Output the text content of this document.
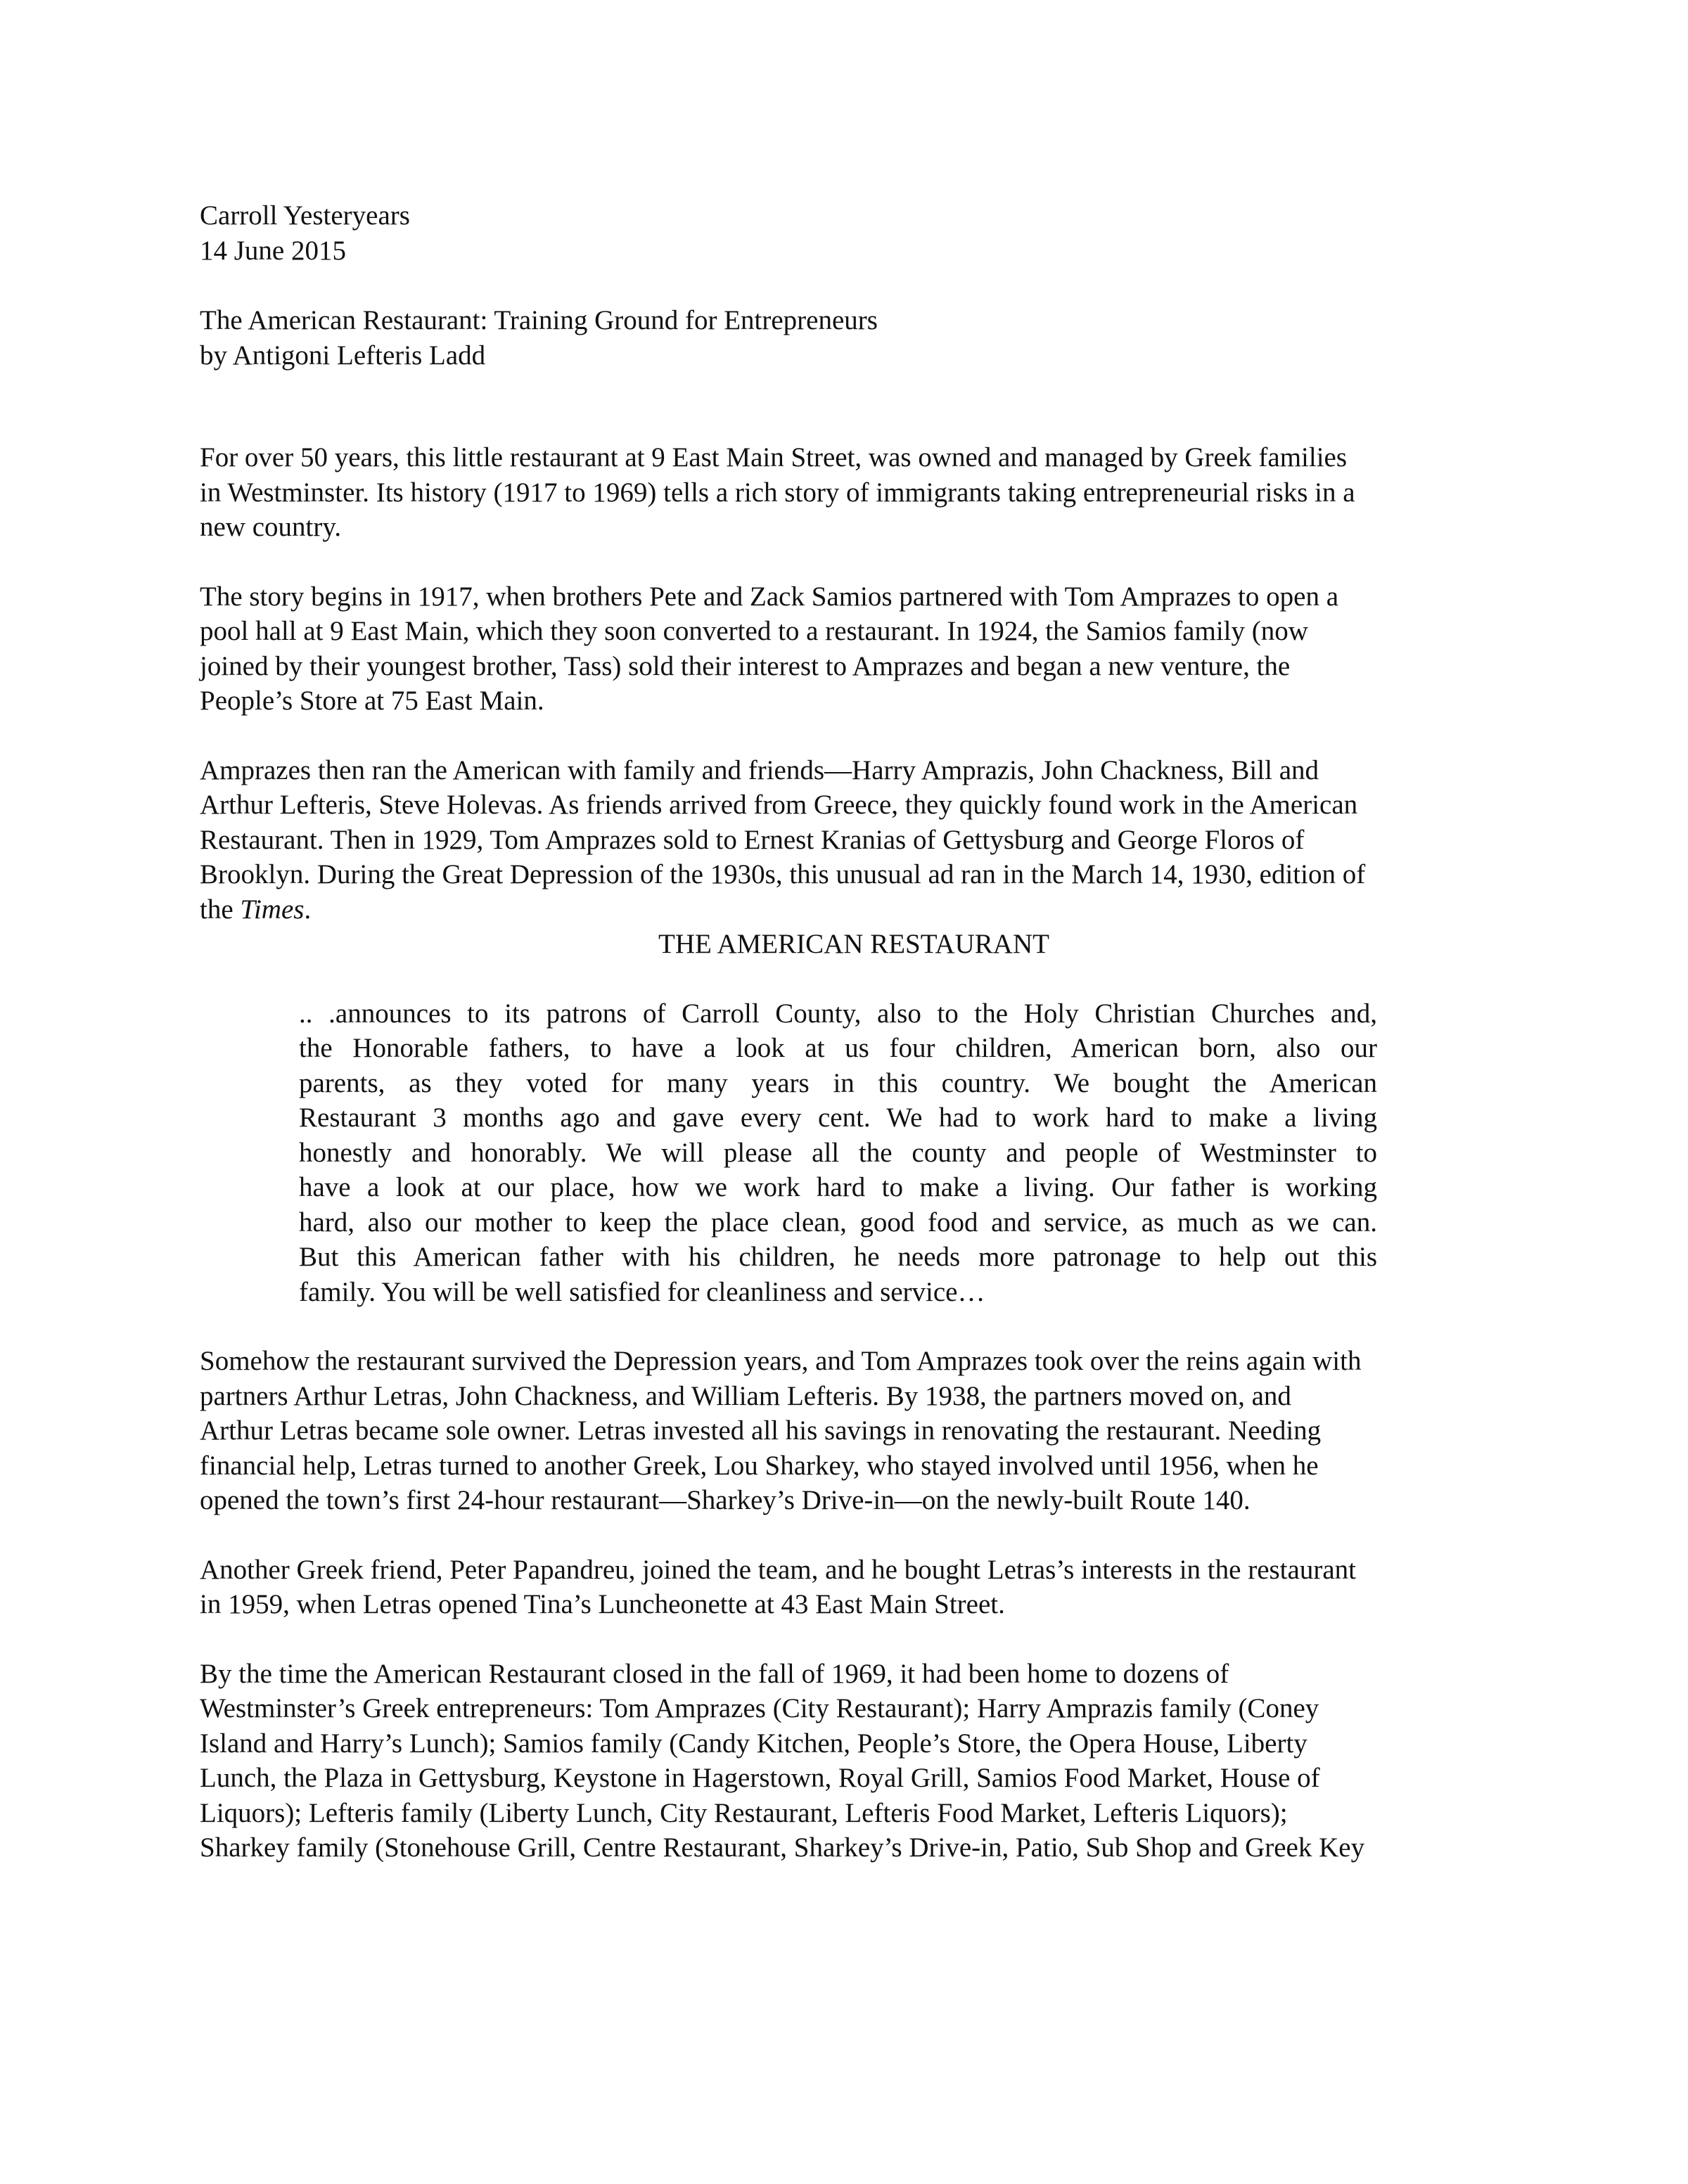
Carroll Yesteryears
14 June 2015
The American Restaurant: Training Ground for Entrepreneurs
by Antigoni Lefteris Ladd
For over 50 years, this little restaurant at 9 East Main Street, was owned and managed by Greek families
in Westminster. Its history (1917 to 1969) tells a rich story of immigrants taking entrepreneurial risks in a
new country.
The story begins in 1917, when brothers Pete and Zack Samios partnered with Tom Amprazes to open a
pool hall at 9 East Main, which they soon converted to a restaurant. In 1924, the Samios family (now
joined by their youngest brother, Tass) sold their interest to Amprazes and began a new venture, the
People’s Store at 75 East Main.
Amprazes then ran the American with family and friends—Harry Amprazis, John Chackness, Bill and
Arthur Lefteris, Steve Holevas. As friends arrived from Greece, they quickly found work in the American
Restaurant. Then in 1929, Tom Amprazes sold to Ernest Kranias of Gettysburg and George Floros of
Brooklyn. During the Great Depression of the 1930s, this unusual ad ran in the March 14, 1930, edition of
the Times.
THE AMERICAN RESTAURANT
.. .announces to its patrons of Carroll County, also to the Holy Christian Churches and,
the Honorable fathers, to have a look at us four children, American born, also our
parents, as they voted for many years in this country. We bought the American
Restaurant 3 months ago and gave every cent. We had to work hard to make a living
honestly and honorably. We will please all the county and people of Westminster to
have a look at our place, how we work hard to make a living. Our father is working
hard, also our mother to keep the place clean, good food and service, as much as we can.
But this American father with his children, he needs more patronage to help out this
family. You will be well satisfied for cleanliness and service…
Somehow the restaurant survived the Depression years, and Tom Amprazes took over the reins again with
partners Arthur Letras, John Chackness, and William Lefteris. By 1938, the partners moved on, and
Arthur Letras became sole owner. Letras invested all his savings in renovating the restaurant. Needing
financial help, Letras turned to another Greek, Lou Sharkey, who stayed involved until 1956, when he
opened the town’s first 24-hour restaurant—Sharkey’s Drive-in—on the newly-built Route 140.
Another Greek friend, Peter Papandreu, joined the team, and he bought Letras’s interests in the restaurant
in 1959, when Letras opened Tina’s Luncheonette at 43 East Main Street.
By the time the American Restaurant closed in the fall of 1969, it had been home to dozens of
Westminster’s Greek entrepreneurs: Tom Amprazes (City Restaurant); Harry Amprazis family (Coney
Island and Harry’s Lunch); Samios family (Candy Kitchen, People’s Store, the Opera House, Liberty
Lunch, the Plaza in Gettysburg, Keystone in Hagerstown, Royal Grill, Samios Food Market, House of
Liquors); Lefteris family (Liberty Lunch, City Restaurant, Lefteris Food Market, Lefteris Liquors);
Sharkey family (Stonehouse Grill, Centre Restaurant, Sharkey’s Drive-in, Patio, Sub Shop and Greek Key
